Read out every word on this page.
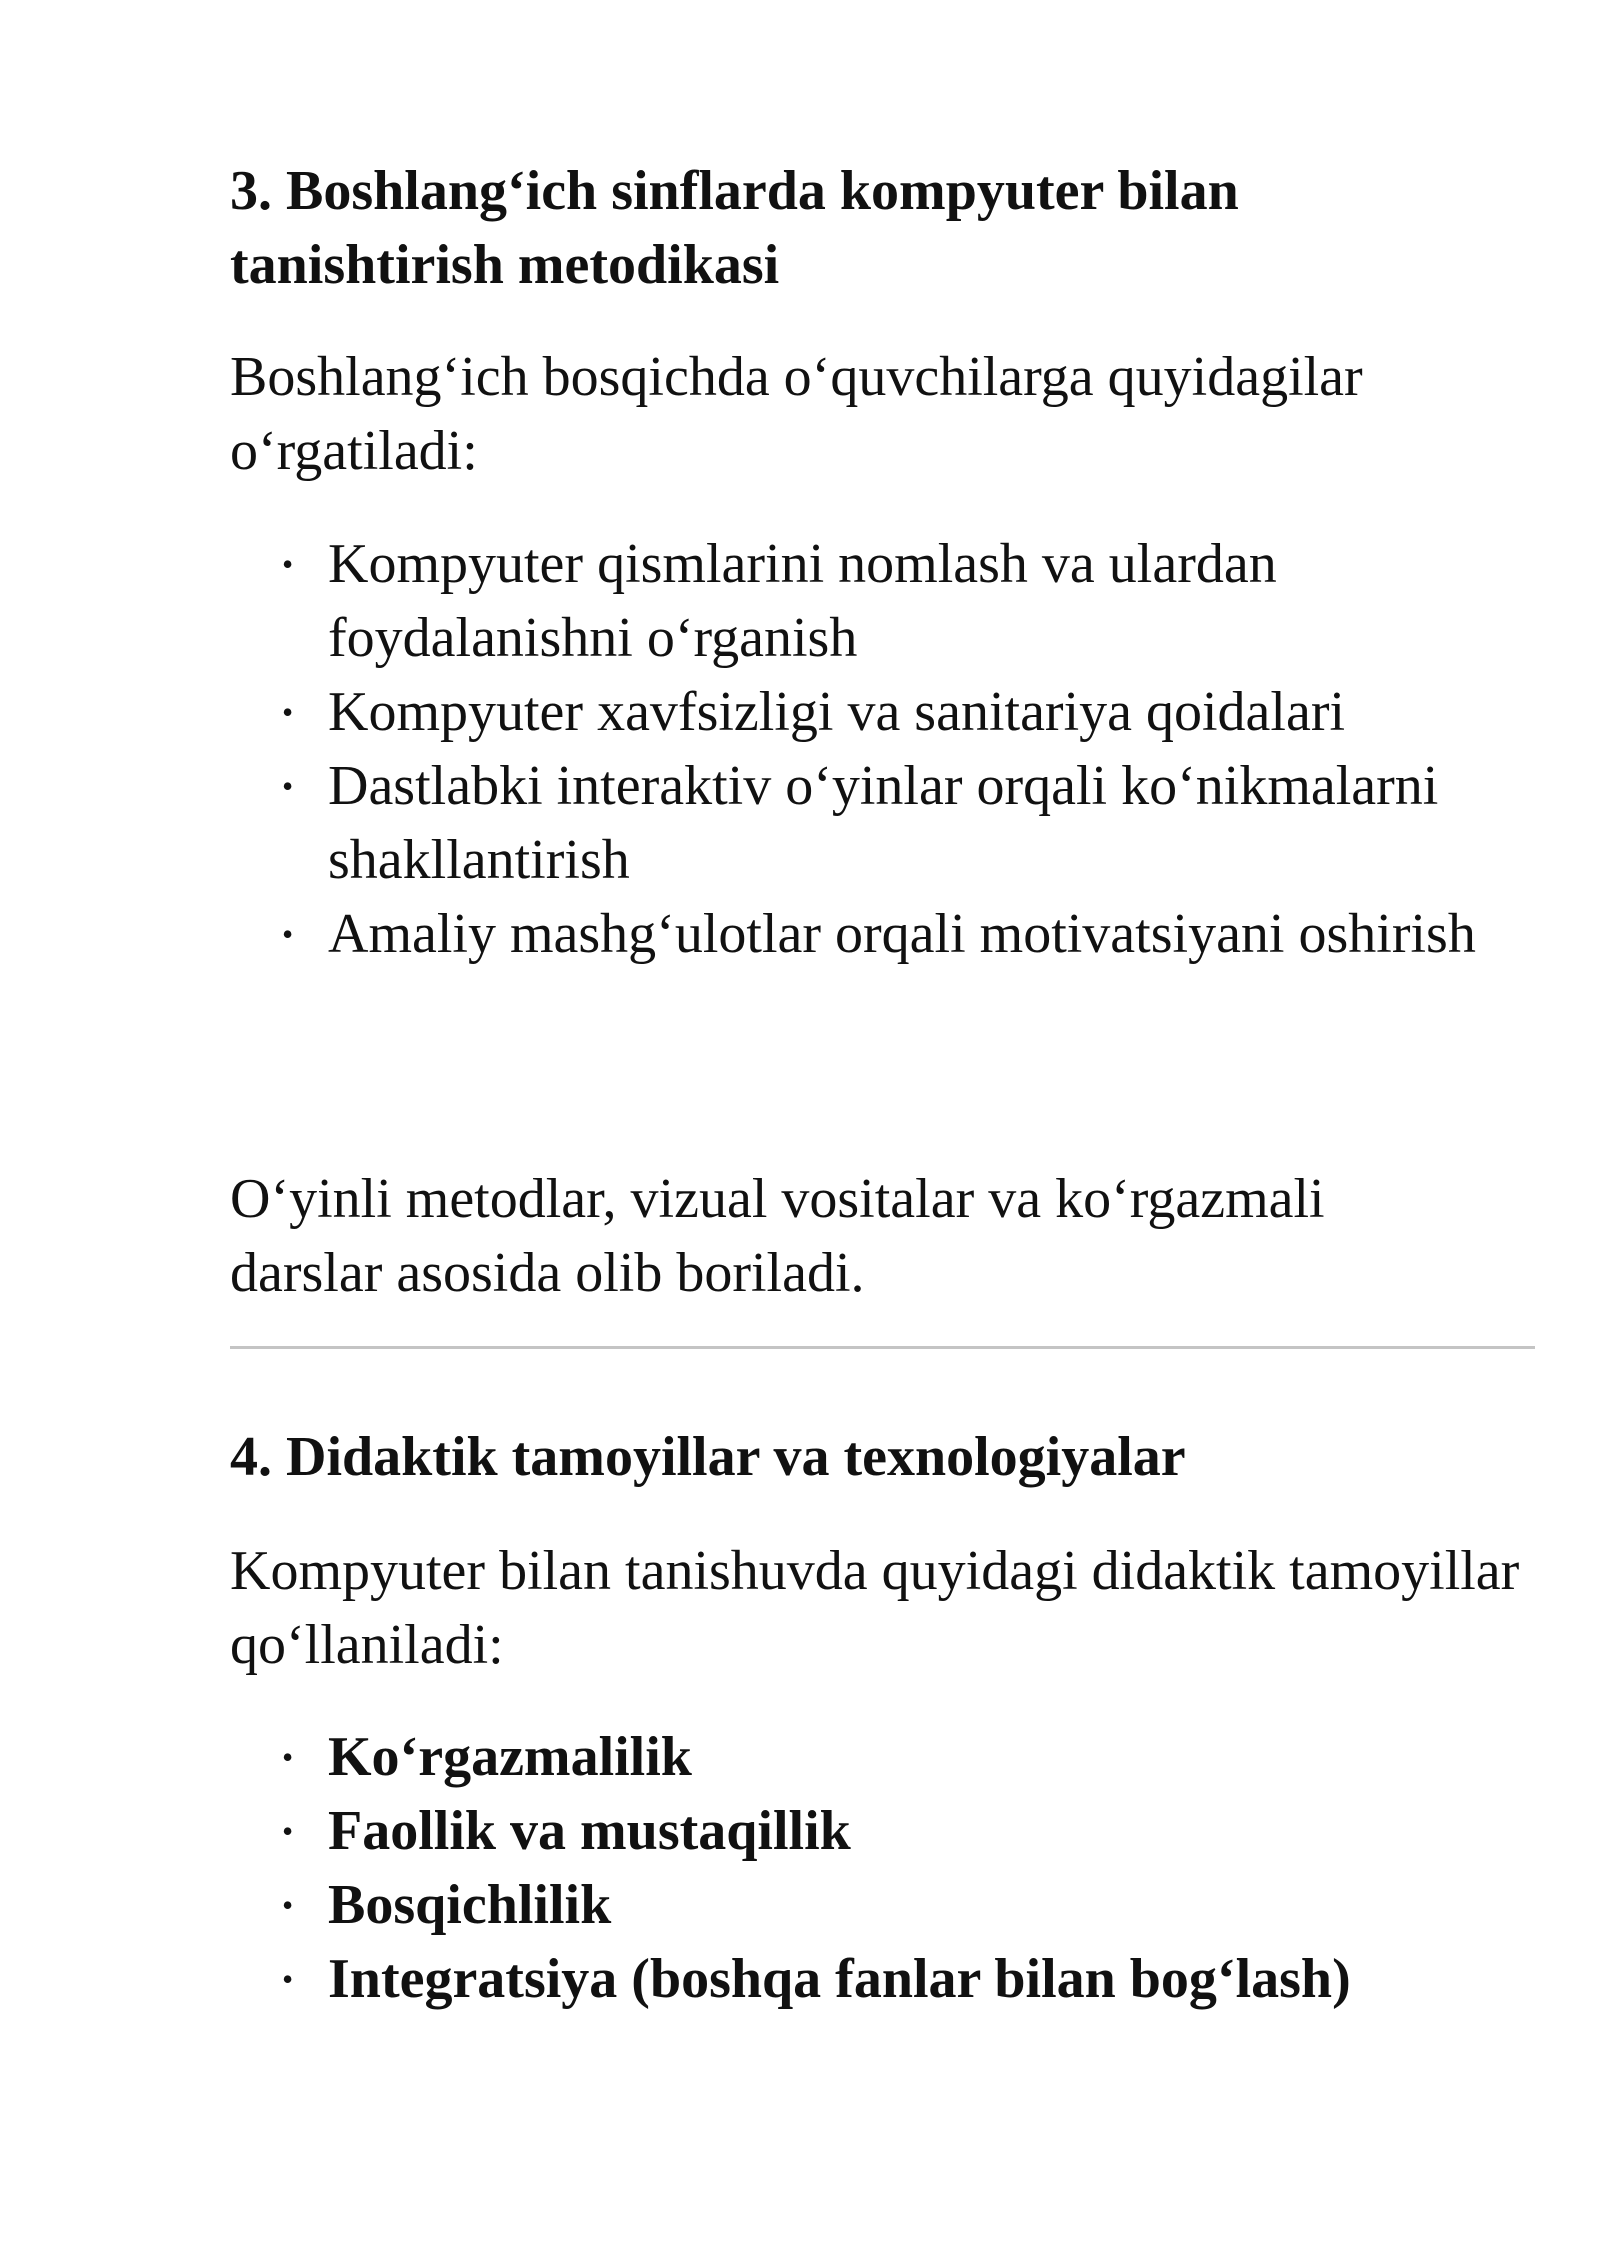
3. Boshlang‘ich sinflarda kompyuter bilan tanishtirish metodikasi

Boshlang‘ich bosqichda o‘quvchilarga quyidagilar o‘rgatiladi:

• Kompyuter qismlarini nomlash va ulardan foydalanishni o‘rganish
• Kompyuter xavfsizligi va sanitariya qoidalari
• Dastlabki interaktiv o‘yinlar orqali ko‘nikmalarni shakllantirish
• Amaliy mashg‘ulotlar orqali motivatsiyani oshirish

O‘yinli metodlar, vizual vositalar va ko‘rgazmali darslar asosida olib boriladi.

4. Didaktik tamoyillar va texnologiyalar

Kompyuter bilan tanishuvda quyidagi didaktik tamoyillar qo‘llaniladi:

• Ko‘rgazmalilik
• Faollik va mustaqillik
• Bosqichlilik
• Integratsiya (boshqa fanlar bilan bog‘lash)
